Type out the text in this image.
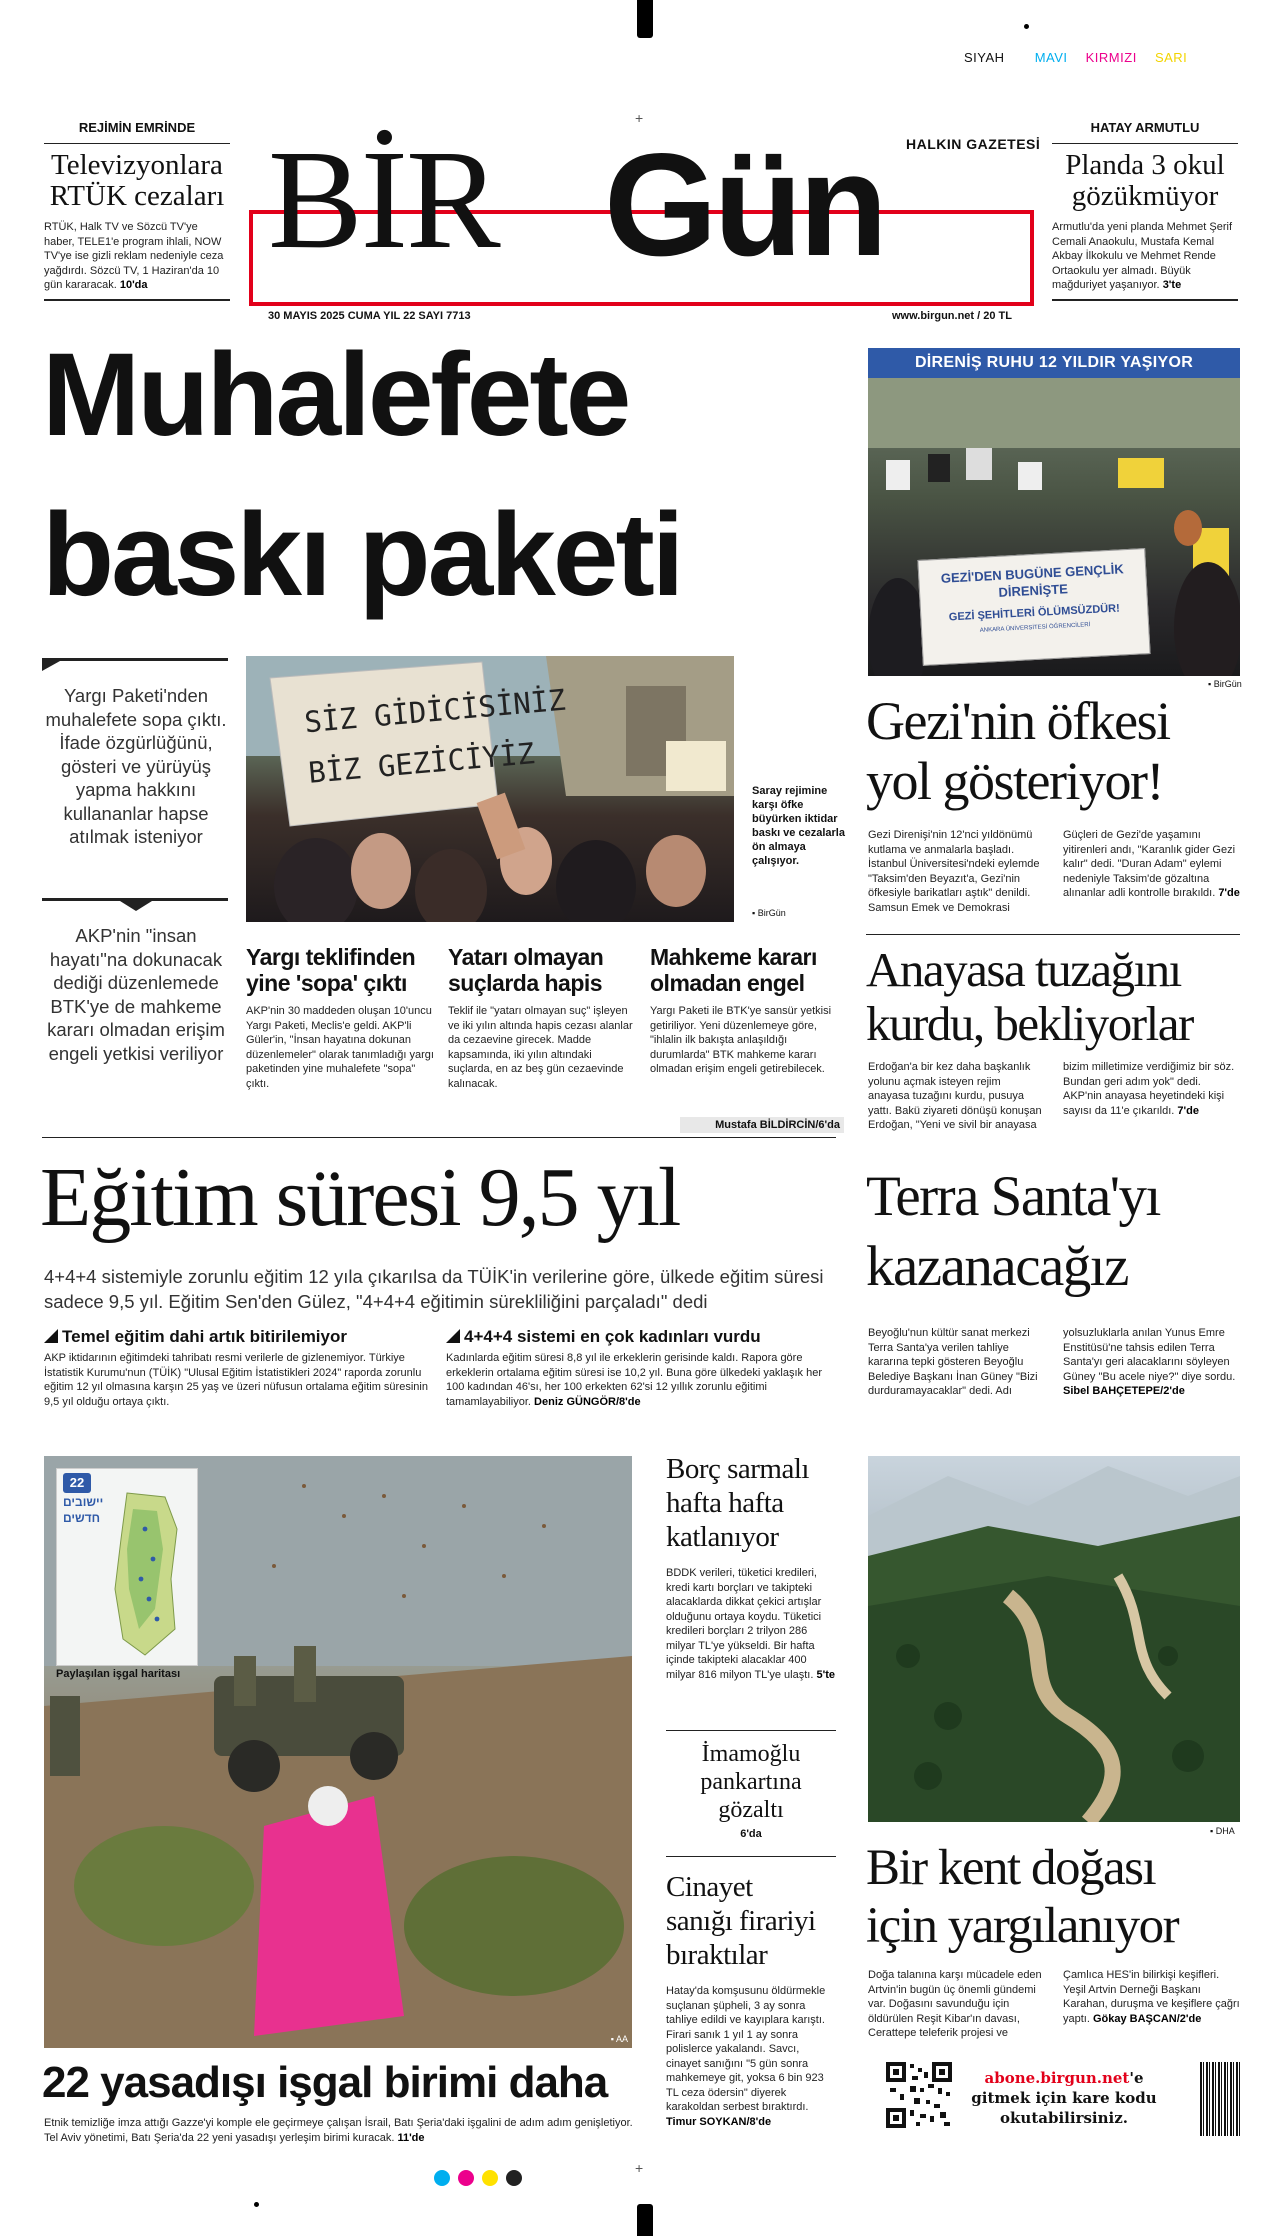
SIYAH MAVI KIRMIZI SARI
+
BİR Gün HALKIN GAZETESİ
30 MAYIS 2025 CUMA YIL 22 SAYI 7713	www.birgun.net / 20 TL
REJİMİN EMRİNDE
Televizyonlara
RTÜK cezaları
RTÜK, Halk TV ve Sözcü TV'ye haber, TELE1'e program ihlali, NOW TV'ye ise gizli reklam nedeniyle ceza yağdırdı. Sözcü TV, 1 Haziran'da 10 gün kararacak. 10'da
HATAY ARMUTLU
Planda 3 okul
gözükmüyor
Armutlu'da yeni planda Mehmet Şerif Cemali Anaokulu, Mustafa Kemal Akbay İlkokulu ve Mehmet Rende Ortaokulu yer almadı. Büyük mağduriyet yaşanıyor. 3'te
Muhalefete
baskı paketi
Yargı Paketi'nden muhalefete sopa çıktı. İfade özgürlüğünü, gösteri ve yürüyüş yapma hakkını kullananlar hapse atılmak isteniyor
AKP'nin "insan hayatı"na dokunacak dediği düzenlemede BTK'ye de mahkeme kararı olmadan erişim engeli yetkisi veriliyor
SİZ GİDİCİSİNİZ
BİZ GEZİCİYİZ
Saray rejimine karşı öfke büyürken iktidar baskı ve cezalarla ön almaya çalışıyor.
▪ BirGün
Yargı teklifinden yine 'sopa' çıktı
AKP'nin 30 maddeden oluşan 10'uncu Yargı Paketi, Meclis'e geldi. AKP'li Güler'in, "İnsan hayatına dokunan düzenlemeler" olarak tanımladığı yargı paketinden yine muhalefete "sopa" çıktı.
Yatarı olmayan suçlarda hapis
Teklif ile "yatarı olmayan suç" işleyen ve iki yılın altında hapis cezası alanlar da cezaevine girecek. Madde kapsamında, iki yılın altındaki suçlarda, en az beş gün cezaevinde kalınacak.
Mahkeme kararı olmadan engel
Yargı Paketi ile BTK'ye sansür yetkisi getiriliyor. Yeni düzenlemeye göre, "ihlalin ilk bakışta anlaşıldığı durumlarda" BTK mahkeme kararı olmadan erişim engeli getirebilecek.
Mustafa BİLDİRCİN/6'da
DİRENİŞ RUHU 12 YILDIR YAŞIYOR
GEZİ'DEN BUGÜNE GENÇLİK DİRENİŞTE
GEZİ ŞEHİTLERİ ÖLÜMSÜZDÜR!
ANKARA ÜNİVERSİTESİ ÖĞRENCİLERİ
▪ BirGün
Gezi'nin öfkesi
yol gösteriyor!
Gezi Direnişi'nin 12'nci yıldönümü kutlama ve anmalarla başladı. İstanbul Üniversitesi'ndeki eylemde "Taksim'den Beyazıt'a, Gezi'nin öfkesiyle barikatları aştık" denildi. Samsun Emek ve Demokrasi Güçleri de Gezi'de yaşamını yitirenleri andı, "Karanlık gider Gezi kalır" dedi. "Duran Adam" eylemi nedeniyle Taksim'de gözaltına alınanlar adli kontrolle bırakıldı. 7'de
Anayasa tuzağını
kurdu, bekliyorlar
Erdoğan'a bir kez daha başkanlık yolunu açmak isteyen rejim anayasa tuzağını kurdu, pusuya yattı. Bakü ziyareti dönüşü konuşan Erdoğan, "Yeni ve sivil bir anayasa bizim milletimize verdiğimiz bir söz. Bundan geri adım yok" dedi. AKP'nin anayasa heyetindeki kişi sayısı da 11'e çıkarıldı. 7'de
Eğitim süresi 9,5 yıl
4+4+4 sistemiyle zorunlu eğitim 12 yıla çıkarılsa da TÜİK'in verilerine göre, ülkede eğitim süresi sadece 9,5 yıl. Eğitim Sen'den Gülez, "4+4+4 eğitimin sürekliliğini parçaladı" dedi
Temel eğitim dahi artık bitirilemiyor
AKP iktidarının eğitimdeki tahribatı resmi verilerle de gizlenemiyor. Türkiye İstatistik Kurumu'nun (TÜİK) "Ulusal Eğitim İstatistikleri 2024" raporda zorunlu eğitim 12 yıl olmasına karşın 25 yaş ve üzeri nüfusun ortalama eğitim süresinin 9,5 yıl olduğu ortaya çıktı.
4+4+4 sistemi en çok kadınları vurdu
Kadınlarda eğitim süresi 8,8 yıl ile erkeklerin gerisinde kaldı. Rapora göre erkeklerin ortalama eğitim süresi ise 10,2 yıl. Buna göre ülkedeki yaklaşık her 100 kadından 46'sı, her 100 erkekten 62'si 12 yıllık zorunlu eğitimi tamamlayabiliyor. Deniz GÜNGÖR/8'de
Terra Santa'yı
kazanacağız
Beyoğlu'nun kültür sanat merkezi Terra Santa'ya verilen tahliye kararına tepki gösteren Beyoğlu Belediye Başkanı İnan Güney "Bizi durduramayacaklar" dedi. Adı yolsuzluklarla anılan Yunus Emre Enstitüsü'ne tahsis edilen Terra Santa'yı geri alacaklarını söyleyen Güney "Bu acele niye?" diye sordu. Sibel BAHÇETEPE/2'de
22
יישובים
חדשים
Paylaşılan işgal haritası
▪ AA
22 yasadışı işgal birimi daha
Etnik temizliğe imza attığı Gazze'yi komple ele geçirmeye çalışan İsrail, Batı Şeria'daki işgalini de adım adım genişletiyor. Tel Aviv yönetimi, Batı Şeria'da 22 yeni yasadışı yerleşim birimi kuracak. 11'de
Borç sarmalı
hafta hafta
katlanıyor
BDDK verileri, tüketici kredileri, kredi kartı borçları ve takipteki alacaklarda dikkat çekici artışlar olduğunu ortaya koydu. Tüketici kredileri borçları 2 trilyon 286 milyar TL'ye yükseldi. Bir hafta içinde takipteki alacaklar 400 milyar 816 milyon TL'ye ulaştı. 5'te
İmamoğlu
pankartına
gözaltı
6'da
Cinayet
sanığı firariyi
bıraktılar
Hatay'da komşusunu öldürmekle suçlanan şüpheli, 3 ay sonra tahliye edildi ve kayıplara karıştı. Firari sanık 1 yıl 1 ay sonra polislerce yakalandı. Savcı, cinayet sanığını "5 gün sonra mahkemeye git, yoksa 6 bin 923 TL ceza ödersin" diyerek karakoldan serbest bıraktırdı. Timur SOYKAN/8'de
▪ DHA
Bir kent doğası
için yargılanıyor
Doğa talanına karşı mücadele eden Artvin'in bugün üç önemli gündemi var. Doğasını savunduğu için öldürülen Reşit Kibar'ın davası, Cerattepe teleferik projesi ve Çamlıca HES'in bilirkişi keşifleri. Yeşil Artvin Derneği Başkanı Karahan, duruşma ve keşiflere çağrı yaptı. Gökay BAŞCAN/2'de
abone.birgun.net'e
gitmek için kare kodu
okutabilirsiniz.
+
